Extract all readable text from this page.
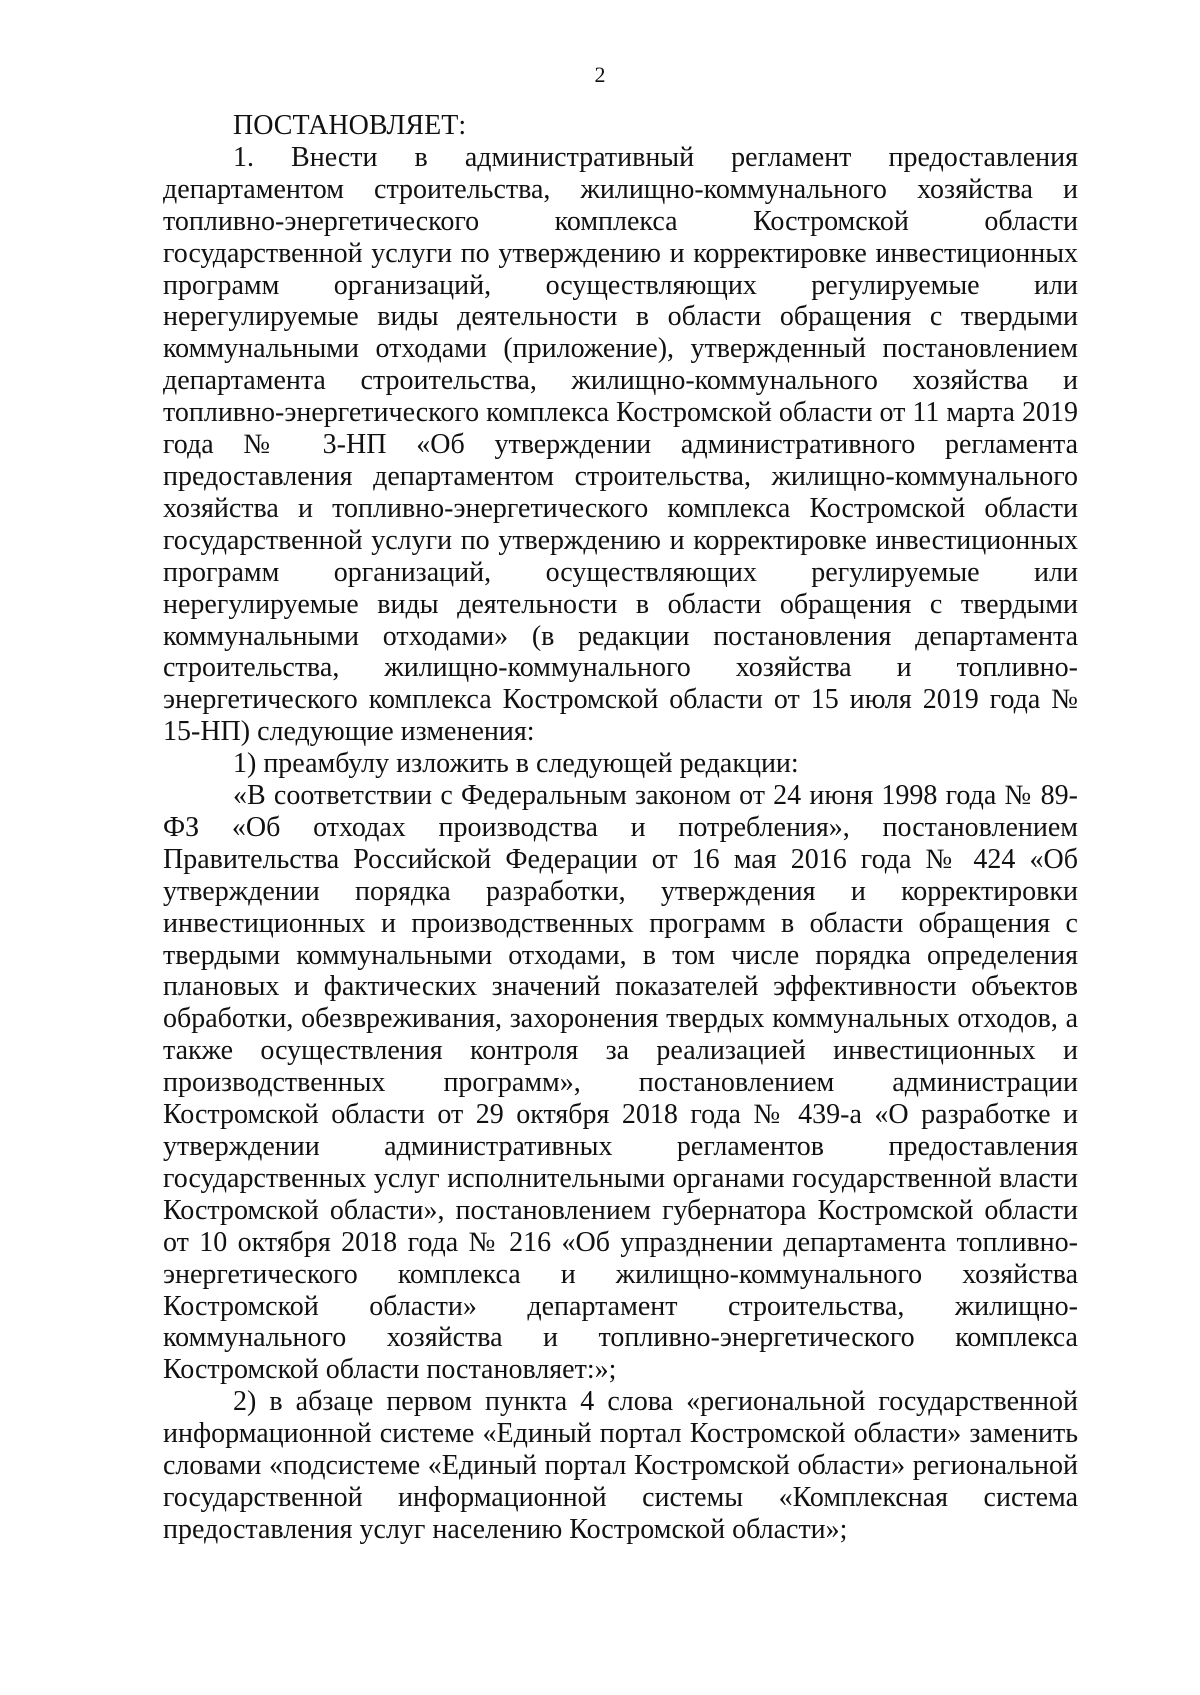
2
ПОСТАНОВЛЯЕТ:

1. Внести в административный регламент предоставления департаментом строительства, жилищно-коммунального хозяйства и топливно-энергетического комплекса Костромской области государственной услуги по утверждению и корректировке инвестиционных программ организаций, осуществляющих регулируемые или нерегулируемые виды деятельности в области обращения с твердыми коммунальными отходами (приложение), утвержденный постановлением департамента строительства, жилищно-коммунального хозяйства и топливно-энергетического комплекса Костромской области от 11 марта 2019 года № 3-НП «Об утверждении административного регламента предоставления департаментом строительства, жилищно-коммунального хозяйства и топливно-энергетического комплекса Костромской области государственной услуги по утверждению и корректировке инвестиционных программ организаций, осуществляющих регулируемые или нерегулируемые виды деятельности в области обращения с твердыми коммунальными отходами» (в редакции постановления департамента строительства, жилищно-коммунального хозяйства и топливно-энергетического комплекса Костромской области от 15 июля 2019 года № 15-НП) следующие изменения:

1) преамбулу изложить в следующей редакции:

«В соответствии с Федеральным законом от 24 июня 1998 года № 89-ФЗ «Об отходах производства и потребления», постановлением Правительства Российской Федерации от 16 мая 2016 года № 424 «Об утверждении порядка разработки, утверждения и корректировки инвестиционных и производственных программ в области обращения с твердыми коммунальными отходами, в том числе порядка определения плановых и фактических значений показателей эффективности объектов обработки, обезвреживания, захоронения твердых коммунальных отходов, а также осуществления контроля за реализацией инвестиционных и производственных программ», постановлением администрации Костромской области от 29 октября 2018 года № 439-а «О разработке и утверждении административных регламентов предоставления государственных услуг исполнительными органами государственной власти Костромской области», постановлением губернатора Костромской области от 10 октября 2018 года № 216 «Об упразднении департамента топливно-энергетического комплекса и жилищно-коммунального хозяйства Костромской области» департамент строительства, жилищно-коммунального хозяйства и топливно-энергетического комплекса Костромской области постановляет:»;

2) в абзаце первом пункта 4 слова «региональной государственной информационной системе «Единый портал Костромской области» заменить словами «подсистеме «Единый портал Костромской области» региональной государственной информационной системы «Комплексная система предоставления услуг населению Костромской области»;
